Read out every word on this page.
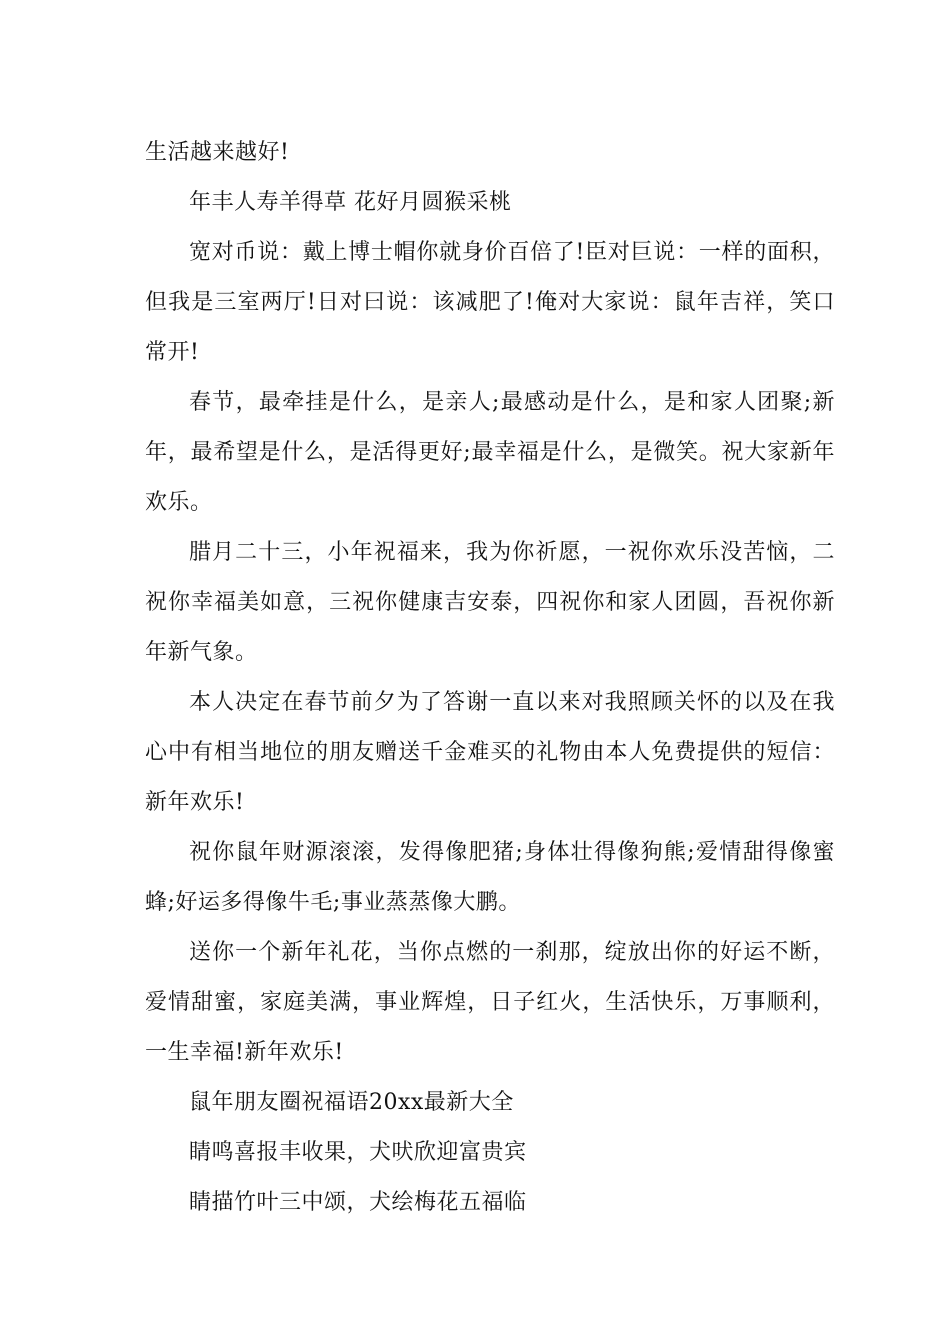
生活越来越好!

年丰人寿羊得草 花好月圆猴采桃

宽对币说：戴上博士帽你就身价百倍了!臣对巨说：一样的面积，但我是三室两厅!日对曰说：该减肥了!俺对大家说：鼠年吉祥，笑口常开!

春节，最牵挂是什么，是亲人;最感动是什么，是和家人团聚;新年，最希望是什么，是活得更好;最幸福是什么，是微笑。祝大家新年欢乐。

腊月二十三，小年祝福来，我为你祈愿，一祝你欢乐没苦恼，二祝你幸福美如意，三祝你健康吉安泰，四祝你和家人团圆，吾祝你新年新气象。

本人决定在春节前夕为了答谢一直以来对我照顾关怀的以及在我心中有相当地位的朋友赠送千金难买的礼物由本人免费提供的短信：新年欢乐!

祝你鼠年财源滚滚，发得像肥猪;身体壮得像狗熊;爱情甜得像蜜蜂;好运多得像牛毛;事业蒸蒸像大鹏。

送你一个新年礼花，当你点燃的一刹那，绽放出你的好运不断，爱情甜蜜，家庭美满，事业辉煌，日子红火，生活快乐，万事顺利，一生幸福!新年欢乐!

鼠年朋友圈祝福语20xx最新大全

睛鸣喜报丰收果，犬吠欣迎富贵宾

睛描竹叶三中颂，犬绘梅花五福临
